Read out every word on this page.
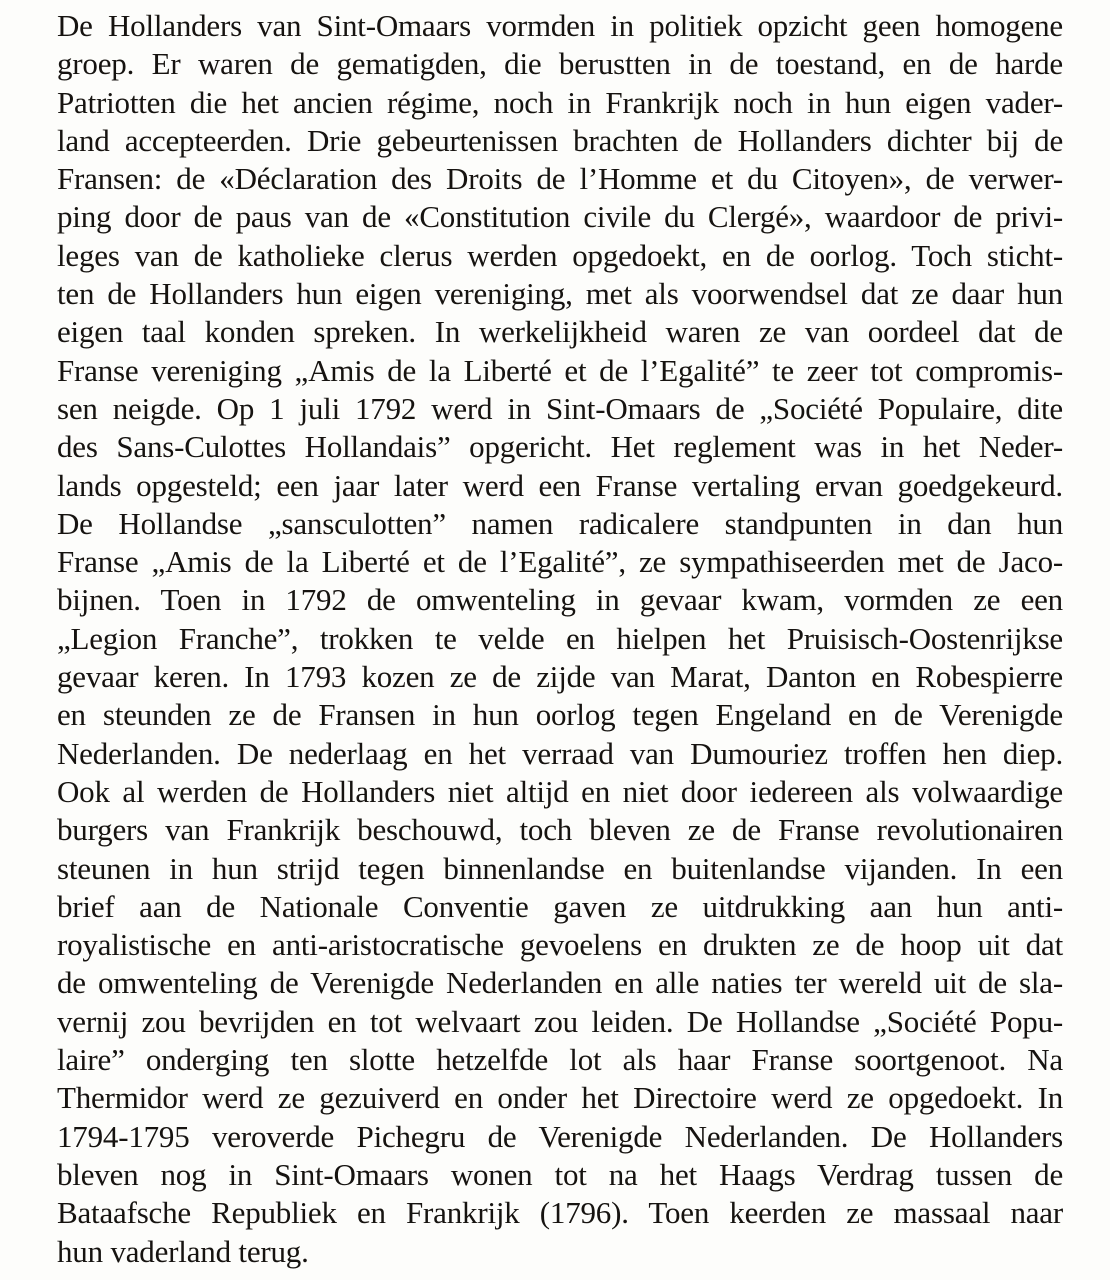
De Hollanders van Sint-Omaars vormden in politiek opzicht geen homogene
groep. Er waren de gematigden, die berustten in de toestand, en de harde
Patriotten die het ancien régime, noch in Frankrijk noch in hun eigen vader-
land accepteerden. Drie gebeurtenissen brachten de Hollanders dichter bij de
Fransen: de «Déclaration des Droits de l’Homme et du Citoyen», de verwer-
ping door de paus van de «Constitution civile du Clergé», waardoor de privi-
leges van de katholieke clerus werden opgedoekt, en de oorlog. Toch sticht-
ten de Hollanders hun eigen vereniging, met als voorwendsel dat ze daar hun
eigen taal konden spreken. In werkelijkheid waren ze van oordeel dat de
Franse vereniging „Amis de la Liberté et de l’Egalité” te zeer tot compromis-
sen neigde. Op 1 juli 1792 werd in Sint-Omaars de „Société Populaire, dite
des Sans-Culottes Hollandais” opgericht. Het reglement was in het Neder-
lands opgesteld; een jaar later werd een Franse vertaling ervan goedgekeurd.
De Hollandse „sansculotten” namen radicalere standpunten in dan hun
Franse „Amis de la Liberté et de l’Egalité”, ze sympathiseerden met de Jaco-
bijnen. Toen in 1792 de omwenteling in gevaar kwam, vormden ze een
„Legion Franche”, trokken te velde en hielpen het Pruisisch-Oostenrijkse
gevaar keren. In 1793 kozen ze de zijde van Marat, Danton en Robespierre
en steunden ze de Fransen in hun oorlog tegen Engeland en de Verenigde
Nederlanden. De nederlaag en het verraad van Dumouriez troffen hen diep.
Ook al werden de Hollanders niet altijd en niet door iedereen als volwaardige
burgers van Frankrijk beschouwd, toch bleven ze de Franse revolutionairen
steunen in hun strijd tegen binnenlandse en buitenlandse vijanden. In een
brief aan de Nationale Conventie gaven ze uitdrukking aan hun anti-
royalistische en anti-aristocratische gevoelens en drukten ze de hoop uit dat
de omwenteling de Verenigde Nederlanden en alle naties ter wereld uit de sla-
vernij zou bevrijden en tot welvaart zou leiden. De Hollandse „Société Popu-
laire” onderging ten slotte hetzelfde lot als haar Franse soortgenoot. Na
Thermidor werd ze gezuiverd en onder het Directoire werd ze opgedoekt. In
1794-1795 veroverde Pichegru de Verenigde Nederlanden. De Hollanders
bleven nog in Sint-Omaars wonen tot na het Haags Verdrag tussen de
Bataafsche Republiek en Frankrijk (1796). Toen keerden ze massaal naar
hun vaderland terug.
